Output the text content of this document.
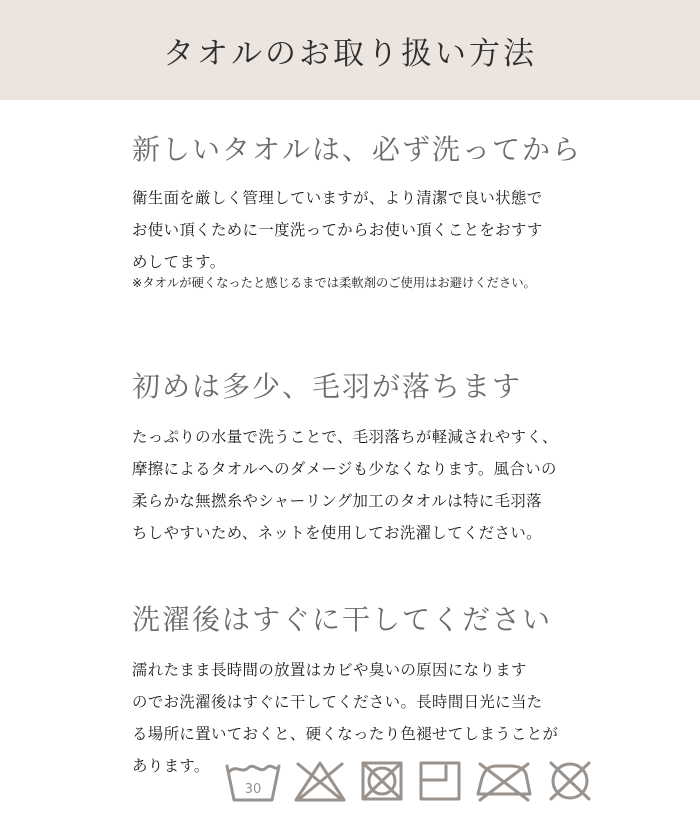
タオルのお取り扱い方法
新しいタオルは、必ず洗ってから
衛生面を厳しく管理していますが、より清潔で良い状態で
お使い頂くために一度洗ってからお使い頂くことをおすす
めしてます。
※タオルが硬くなったと感じるまでは柔軟剤のご使用はお避けください。
初めは多少、毛羽が落ちます
たっぷりの水量で洗うことで、毛羽落ちが軽減されやすく、
摩擦によるタオルへのダメージも少なくなります。風合いの
柔らかな無撚糸やシャーリング加工のタオルは特に毛羽落
ちしやすいため、ネットを使用してお洗濯してください。
洗濯後はすぐに干してください
濡れたまま長時間の放置はカビや臭いの原因になります
のでお洗濯後はすぐに干してください。長時間日光に当た
る場所に置いておくと、硬くなったり色褪せてしまうことが
あります。
30
